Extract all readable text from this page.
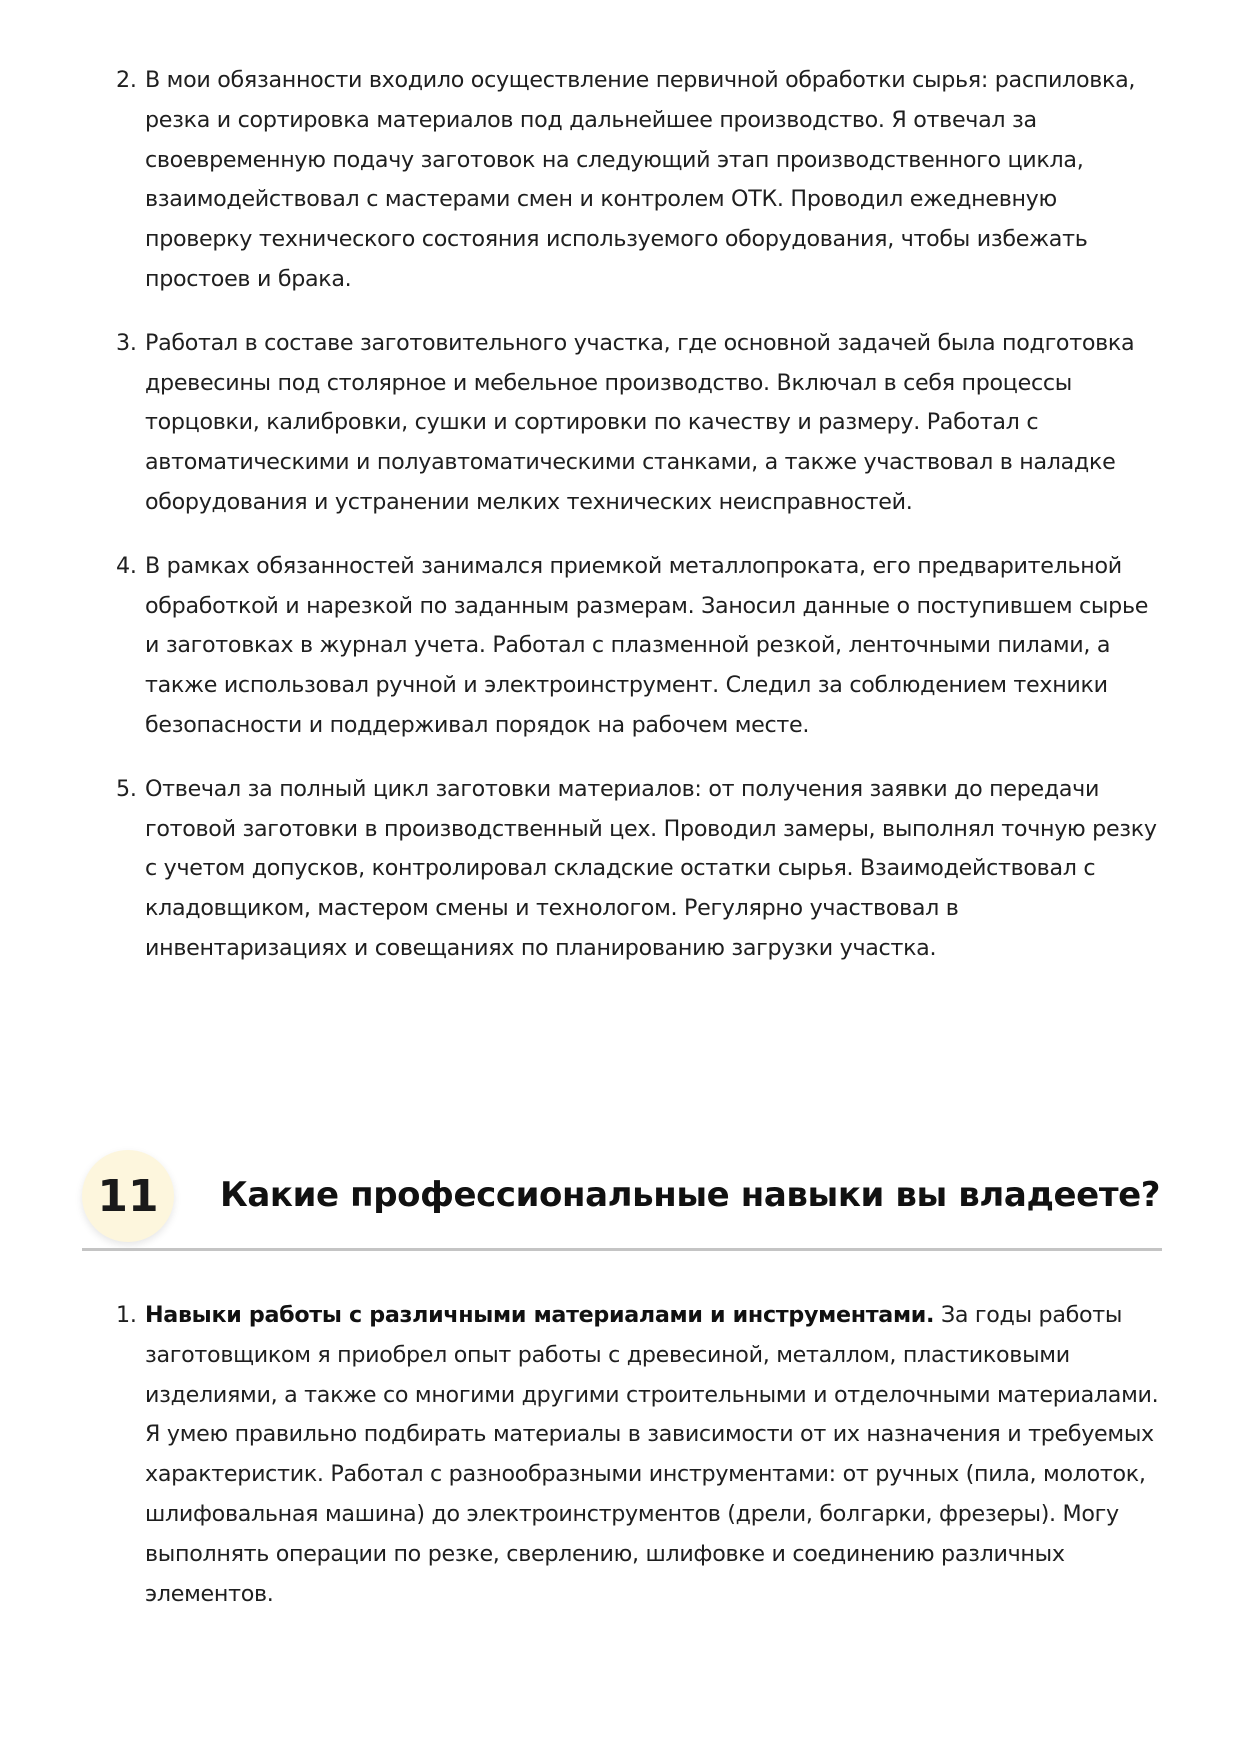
2. В мои обязанности входило осуществление первичной обработки сырья: распиловка, резка и сортировка материалов под дальнейшее производство. Я отвечал за своевременную подачу заготовок на следующий этап производственного цикла, взаимодействовал с мастерами смен и контролем ОТК. Проводил ежедневную проверку технического состояния используемого оборудования, чтобы избежать простоев и брака.
3. Работал в составе заготовительного участка, где основной задачей была подготовка древесины под столярное и мебельное производство. Включал в себя процессы торцовки, калибровки, сушки и сортировки по качеству и размеру. Работал с автоматическими и полуавтоматическими станками, а также участвовал в наладке оборудования и устранении мелких технических неисправностей.
4. В рамках обязанностей занимался приемкой металлопроката, его предварительной обработкой и нарезкой по заданным размерам. Заносил данные о поступившем сырье и заготовках в журнал учета. Работал с плазменной резкой, ленточными пилами, а также использовал ручной и электроинструмент. Следил за соблюдением техники безопасности и поддерживал порядок на рабочем месте.
5. Отвечал за полный цикл заготовки материалов: от получения заявки до передачи готовой заготовки в производственный цех. Проводил замеры, выполнял точную резку с учетом допусков, контролировал складские остатки сырья. Взаимодействовал с кладовщиком, мастером смены и технологом. Регулярно участвовал в инвентаризациях и совещаниях по планированию загрузки участка.
11	Какие профессиональные навыки вы владеете?
1. Навыки работы с различными материалами и инструментами. За годы работы заготовщиком я приобрел опыт работы с древесиной, металлом, пластиковыми изделиями, а также со многими другими строительными и отделочными материалами. Я умею правильно подбирать материалы в зависимости от их назначения и требуемых характеристик. Работал с разнообразными инструментами: от ручных (пила, молоток, шлифовальная машина) до электроинструментов (дрели, болгарки, фрезеры). Могу выполнять операции по резке, сверлению, шлифовке и соединению различных элементов.
